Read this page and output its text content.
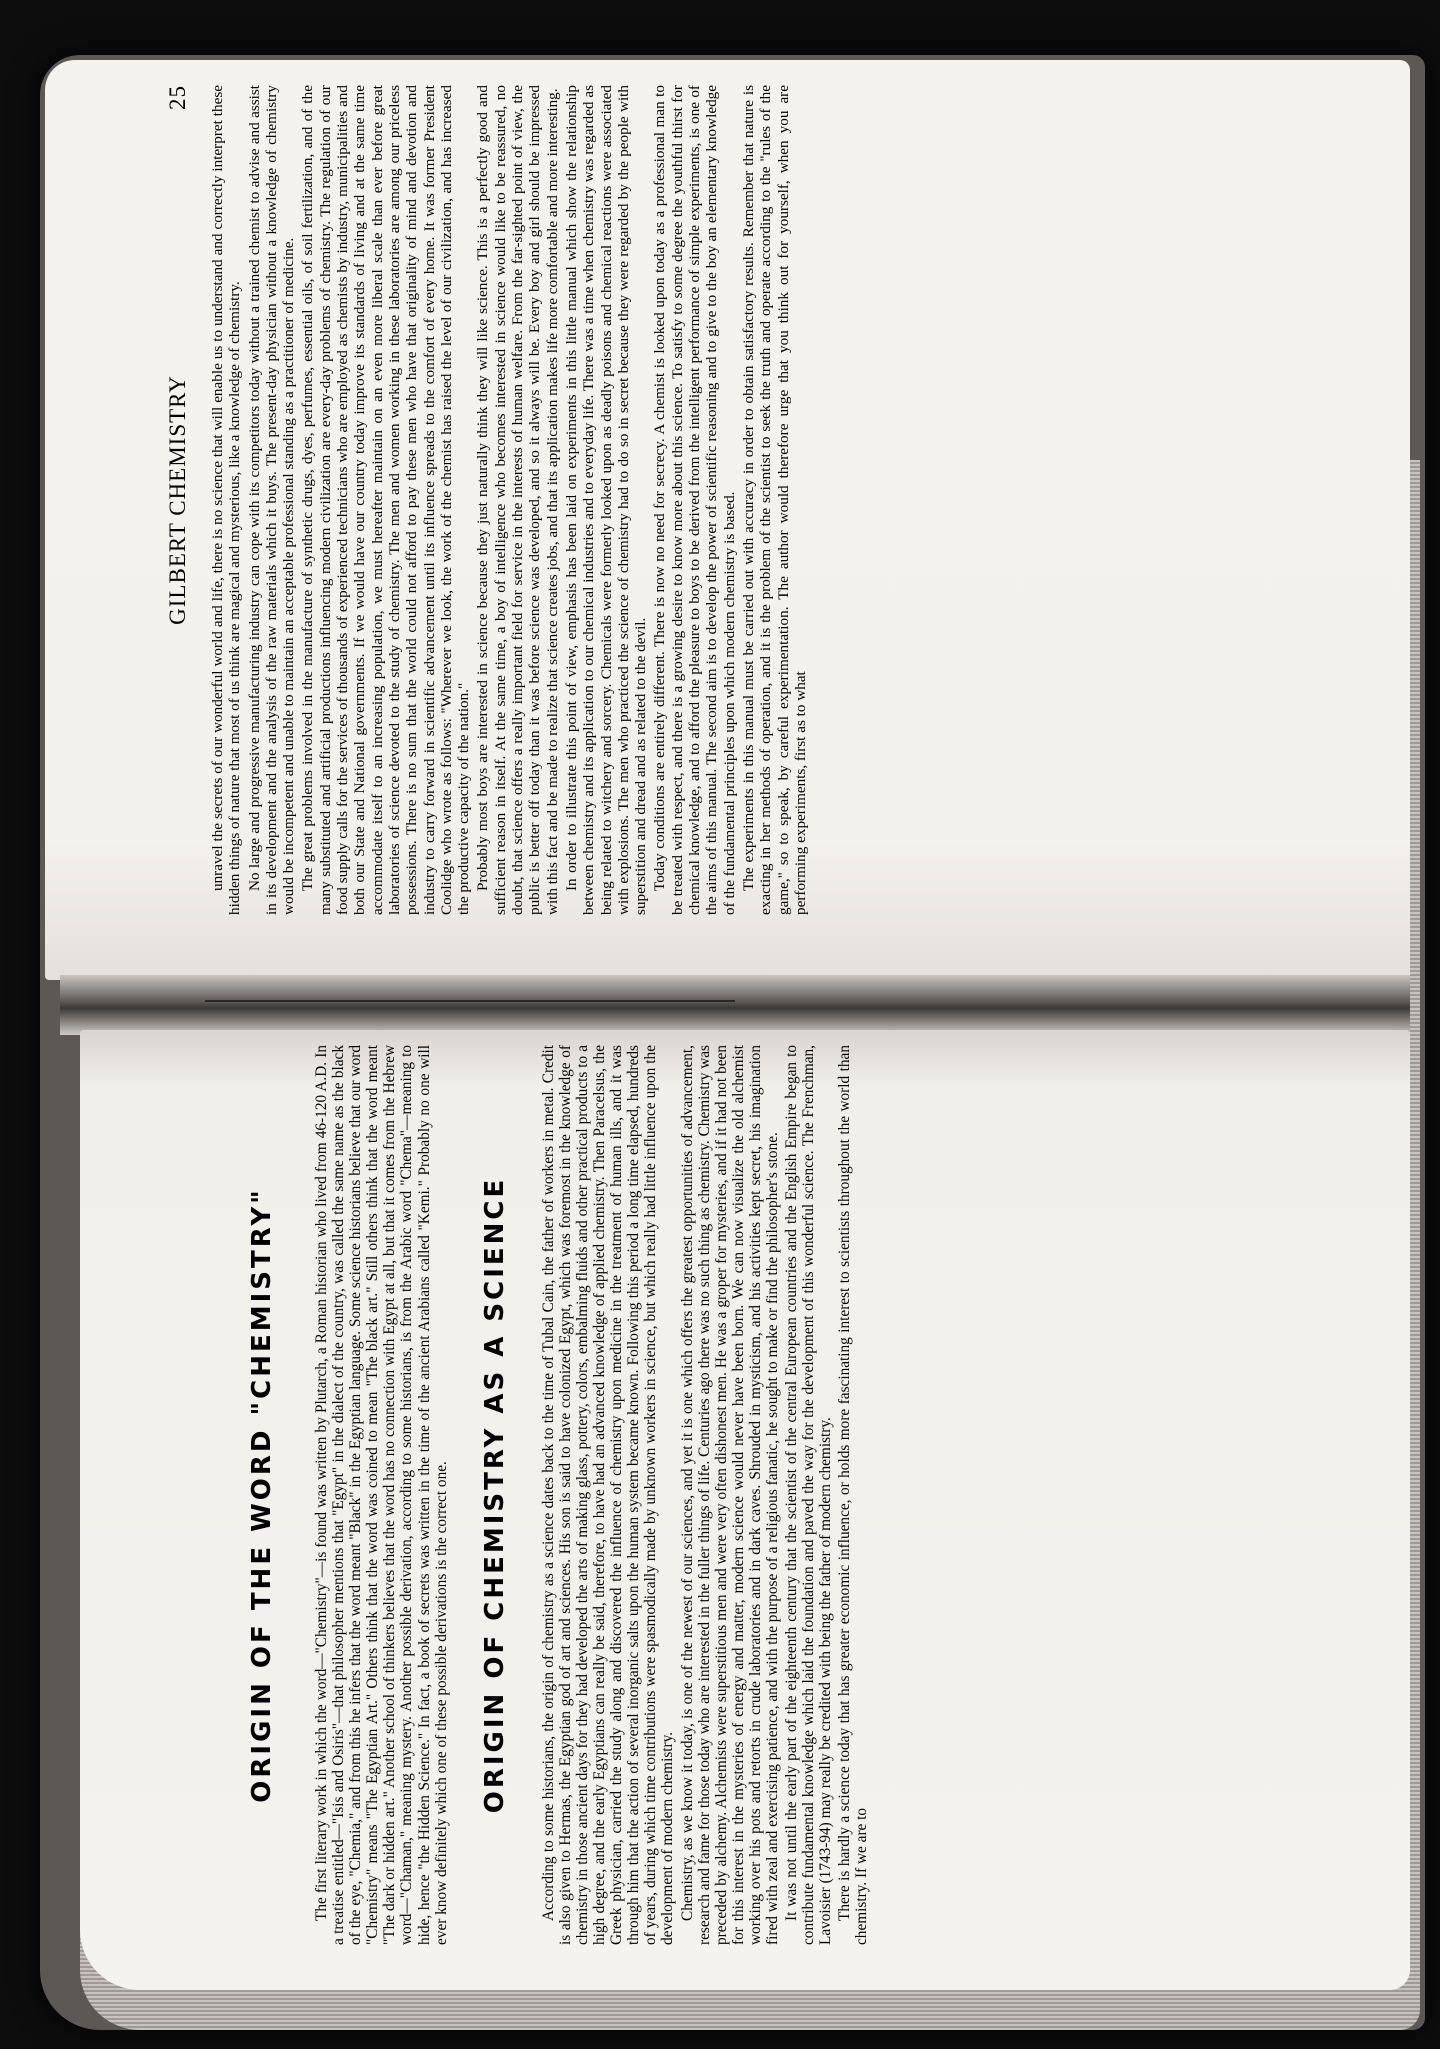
GILBERT CHEMISTRY
25 unravel the secrets of our wonderful world and life, there is no science that will enable us to understand and correctly interpret these hidden things of nature that most of us think are magical and mysterious, like a knowledge of chemistry. No large and progressive manufacturing industry can cope with its competitors today without a trained chemist to advise and assist in its development and the analysis of the raw materials which it buys. The present-day physician without a knowledge of chemistry would be incompetent and unable to maintain an acceptable professional standing as a practitioner of medicine. The great problems involved in the manufacture of synthetic drugs, dyes, perfumes, essential oils, of soil fertilization, and of the many substituted and artificial productions influencing modern civilization are every-day problems of chemistry. The regulation of our food supply calls for the services of thousands of experienced technicians who are employed as chemists by industry, municipalities and both our State and National governments. If we would have our country today improve its standards of living and at the same time accommodate itself to an increasing population, we must hereafter maintain on an even more liberal scale than ever before great laboratories of science devoted to the study of chemistry. The men and women working in these laboratories are among our priceless possessions. There is no sum that the world could not afford to pay these men who have that originality of mind and devotion and industry to carry forward in scientific advancement until its influence spreads to the comfort of every home. It was former President Coolidge who wrote as follows: "Wherever we look, the work of the chemist has raised the level of our civilization, and has increased the productive capacity of the nation." Probably most boys are interested in science because they just naturally think they will like science. This is a perfectly good and sufficient reason in itself. At the same time, a boy of intelligence who becomes interested in science would like to be reassured, no doubt, that science offers a really important field for service in the interests of human welfare. From the far-sighted point of view, the public is better off today than it was before science was developed, and so it always will be. Every boy and girl should be impressed with this fact and be made to realize that science creates jobs, and that its application makes life more comfortable and more interesting. In order to illustrate this point of view, emphasis has been laid on experiments in this little manual which show the relationship between chemistry and its application to our chemical industries and to everyday life. There was a time when chemistry was regarded as being related to witchery and sorcery. Chemicals were formerly looked upon as deadly poisons and chemical reactions were associated with explosions. The men who practiced the science of chemistry had to do so in secret because they were regarded by the people with superstition and dread and as related to the devil. Today conditions are entirely different. There is now no need for secrecy. A chemist is looked upon today as a professional man to be treated with respect, and there is a growing desire to know more about this science. To satisfy to some degree the youthful thirst for chemical knowledge, and to afford the pleasure to boys to be derived from the intelligent performance of simple experiments, is one of the aims of this manual. The second aim is to develop the power of scientific reasoning and to give to the boy an elementary knowledge of the fundamental principles upon which modern chemistry is based. The experiments in this manual must be carried out with accuracy in order to obtain satisfactory results. Remember that nature is exacting in her methods of operation, and it is the problem of the scientist to seek the truth and operate according to the "rules of the game," so to speak, by careful experimentation. The author would therefore urge that you think out for yourself, when you are performing experiments, first as to what

ORIGIN OF THE WORD "CHEMISTRY" The first literary work in which the word—"Chemistry"—is found was written by Plutarch, a Roman historian who lived from 46-120 A.D. In a treatise entitled—"Isis and Osiris"—that philosopher mentions that "Egypt" in the dialect of the country, was called the same name as the black of the eye, "Chemia," and from this he infers that the word meant "Black" in the Egyptian language. Some science historians believe that our word "Chemistry" means "The Egyptian Art." Others think that the word was coined to mean "The black art." Still others think that the word meant "The dark or hidden art." Another school of thinkers believes that the word has no connection with Egypt at all, but that it comes from the Hebrew word—"Chaman," meaning mystery. Another possible derivation, according to some historians, is from the Arabic word "Chema"—meaning to hide, hence "the Hidden Science." In fact, a book of secrets was written in the time of the ancient Arabians called "Kemi." Probably no one will ever know definitely which one of these possible derivations is the correct one. ORIGIN OF CHEMISTRY AS A SCIENCE According to some historians, the origin of chemistry as a science dates back to the time of Tubal Cain, the father of workers in metal. Credit is also given to Hermas, the Egyptian god of art and sciences. His son is said to have colonized Egypt, which was foremost in the knowledge of chemistry in those ancient days for they had developed the arts of making glass, pottery, colors, embalming fluids and other practical products to a high degree, and the early Egyptians can really be said, therefore, to have had an advanced knowledge of applied chemistry. Then Paracelsus, the Greek physician, carried the study along and discovered the influence of chemistry upon medicine in the treatment of human ills, and it was through him that the action of several inorganic salts upon the human system became known. Following this period a long time elapsed, hundreds of years, during which time contributions were spasmodically made by unknown workers in science, but which really had little influence upon the development of modern chemistry. Chemistry, as we know it today, is one of the newest of our sciences, and yet it is one which offers the greatest opportunities of advancement, research and fame for those today who are interested in the fuller things of life. Centuries ago there was no such thing as chemistry. Chemistry was preceded by alchemy. Alchemists were superstitious men and were very often dishonest men. He was a groper for mysteries, and if it had not been for this interest in the mysteries of energy and matter, modern science would never have been born. We can now visualize the old alchemist working over his pots and retorts in crude laboratories and in dark caves. Shrouded in mysticism, and his activities kept secret, his imagination fired with zeal and exercising patience, and with the purpose of a religious fanatic, he sought to make or find the philosopher's stone. It was not until the early part of the eighteenth century that the scientist of the central European countries and the English Empire began to contribute fundamental knowledge which laid the foundation and paved the way for the development of this wonderful science. The Frenchman, Lavoisier (1743-94) may really be credited with being the father of modern chemistry. There is hardly a science today that has greater economic influence, or holds more fascinating interest to scientists throughout the world than chemistry. If we are to
